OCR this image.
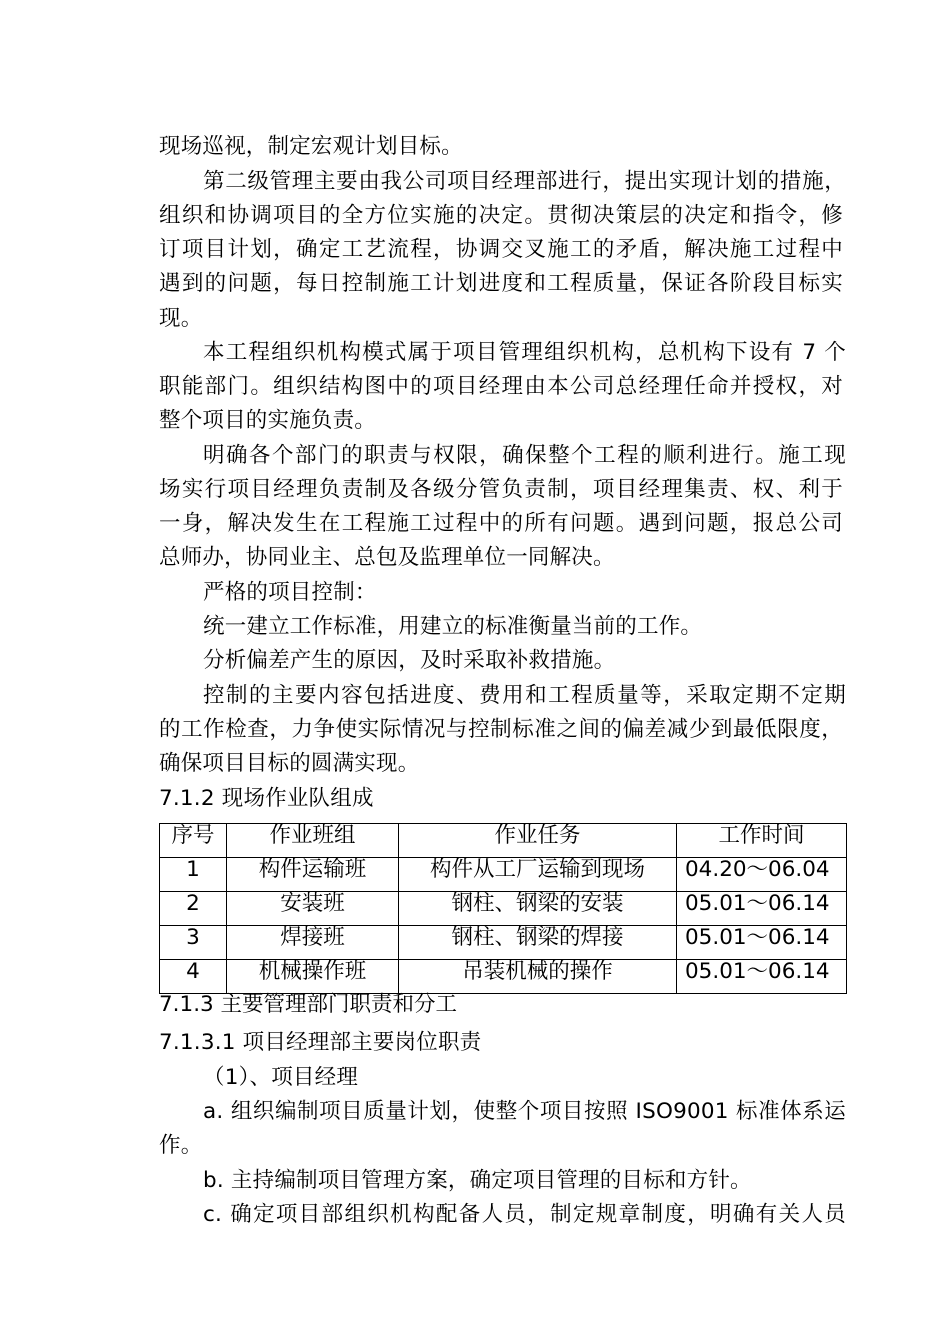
现场巡视，制定宏观计划目标。
第二级管理主要由我公司项目经理部进行，提出实现计划的措施，
组织和协调项目的全方位实施的决定。贯彻决策层的决定和指令，修
订项目计划，确定工艺流程，协调交叉施工的矛盾，解决施工过程中
遇到的问题，每日控制施工计划进度和工程质量，保证各阶段目标实
现。
本工程组织机构模式属于项目管理组织机构，总机构下设有 7 个
职能部门。组织结构图中的项目经理由本公司总经理任命并授权，对
整个项目的实施负责。
明确各个部门的职责与权限，确保整个工程的顺利进行。施工现
场实行项目经理负责制及各级分管负责制，项目经理集责、权、利于
一身，解决发生在工程施工过程中的所有问题。遇到问题，报总公司
总师办，协同业主、总包及监理单位一同解决。
严格的项目控制：
统一建立工作标准，用建立的标准衡量当前的工作。
分析偏差产生的原因，及时采取补救措施。
控制的主要内容包括进度、费用和工程质量等，采取定期不定期
的工作检查，力争使实际情况与控制标准之间的偏差减少到最低限度，
确保项目目标的圆满实现。
7.1.2 现场作业队组成
序号	作业班组	作业任务	工作时间
1	构件运输班	构件从工厂运输到现场	04.20～06.04
2	安装班	钢柱、钢梁的安装	05.01～06.14
3	焊接班	钢柱、钢梁的焊接	05.01～06.14
4	机械操作班	吊装机械的操作	05.01～06.14
7.1.3 主要管理部门职责和分工
7.1.3.1 项目经理部主要岗位职责
（1）、项目经理
a. 组织编制项目质量计划，使整个项目按照 ISO9001 标准体系运
作。
b. 主持编制项目管理方案，确定项目管理的目标和方针。
c. 确定项目部组织机构配备人员，制定规章制度，明确有关人员
